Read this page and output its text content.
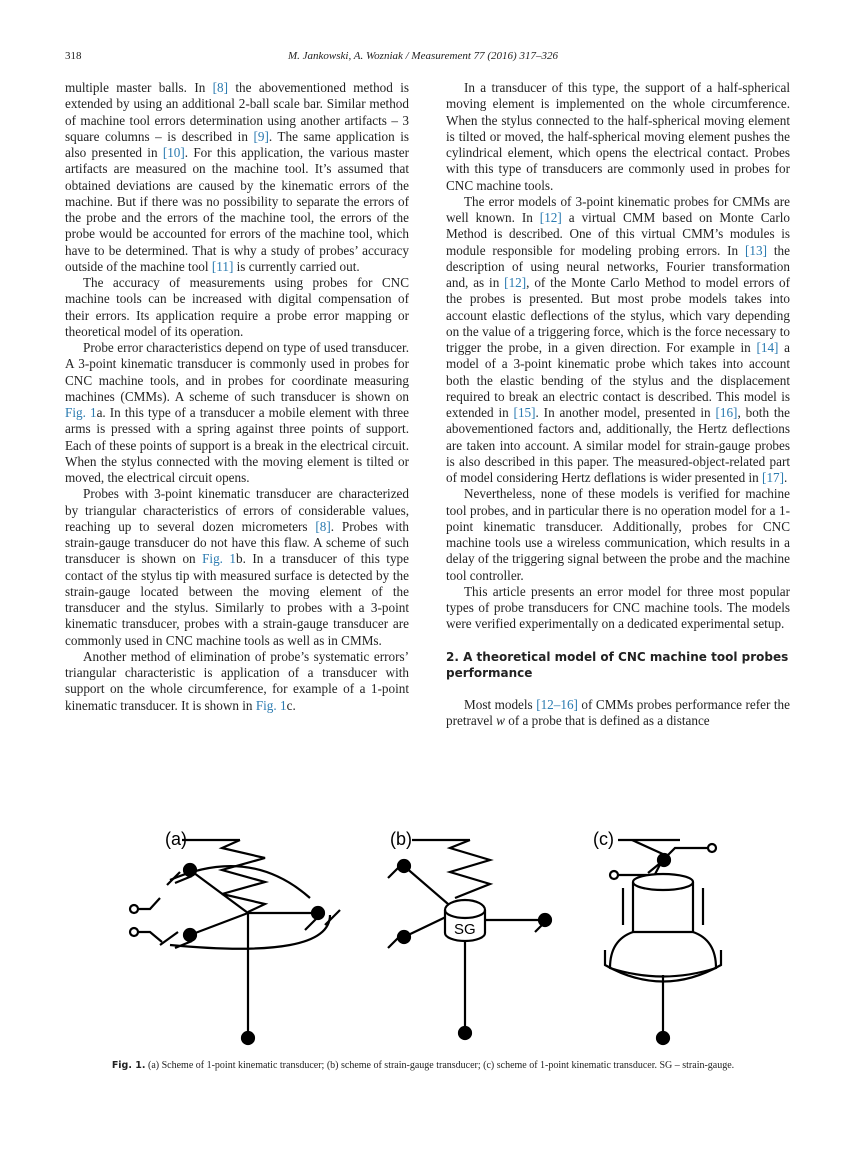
318	M. Jankowski, A. Wozniak / Measurement 77 (2016) 317–326

multiple master balls. In [8] the abovementioned method is extended by using an additional 2-ball scale bar. Similar method of machine tool errors determination using another artifacts – 3 square columns – is described in [9]. The same application is also presented in [10]. For this application, the various master artifacts are measured on the machine tool. It’s assumed that obtained deviations are caused by the kinematic errors of the machine. But if there was no possibility to separate the errors of the probe and the errors of the machine tool, the errors of the probe would be accounted for errors of the machine tool, which have to be determined. That is why a study of probes’ accuracy outside of the machine tool [11] is currently carried out.

The accuracy of measurements using probes for CNC machine tools can be increased with digital compensation of their errors. Its application require a probe error mapping or theoretical model of its operation.

Probe error characteristics depend on type of used transducer. A 3-point kinematic transducer is commonly used in probes for CNC machine tools, and in probes for coordinate measuring machines (CMMs). A scheme of such transducer is shown on Fig. 1a. In this type of a transducer a mobile element with three arms is pressed with a spring against three points of support. Each of these points of support is a break in the electrical circuit. When the stylus connected with the moving element is tilted or moved, the electrical circuit opens.

Probes with 3-point kinematic transducer are characterized by triangular characteristics of errors of considerable values, reaching up to several dozen micrometers [8]. Probes with strain-gauge transducer do not have this flaw. A scheme of such transducer is shown on Fig. 1b. In a transducer of this type contact of the stylus tip with measured surface is detected by the strain-gauge located between the moving element of the transducer and the stylus. Similarly to probes with a 3-point kinematic transducer, probes with a strain-gauge transducer are commonly used in CNC machine tools as well as in CMMs.

Another method of elimination of probe’s systematic errors’ triangular characteristic is application of a transducer with support on the whole circumference, for example of a 1-point kinematic transducer. It is shown in Fig. 1c.

In a transducer of this type, the support of a half-spherical moving element is implemented on the whole circumference. When the stylus connected to the half-spherical moving element is tilted or moved, the half-spherical moving element pushes the cylindrical element, which opens the electrical contact. Probes with this type of transducers are commonly used in probes for CNC machine tools.

The error models of 3-point kinematic probes for CMMs are well known. In [12] a virtual CMM based on Monte Carlo Method is described. One of this virtual CMM’s modules is module responsible for modeling probing errors. In [13] the description of using neural networks, Fourier transformation and, as in [12], of the Monte Carlo Method to model errors of the probes is presented. But most probe models takes into account elastic deflections of the stylus, which vary depending on the value of a triggering force, which is the force necessary to trigger the probe, in a given direction. For example in [14] a model of a 3-point kinematic probe which takes into account both the elastic bending of the stylus and the displacement required to break an electric contact is described. This model is extended in [15]. In another model, presented in [16], both the abovementioned factors and, additionally, the Hertz deflections are taken into account. A similar model for strain-gauge probes is also described in this paper. The measured-object-related part of model considering Hertz deflations is wider presented in [17].

Nevertheless, none of these models is verified for machine tool probes, and in particular there is no operation model for a 1-point kinematic transducer. Additionally, probes for CNC machine tools use a wireless communication, which results in a delay of the triggering signal between the probe and the machine tool controller.

This article presents an error model for three most popular types of probe transducers for CNC machine tools. The models were verified experimentally on a dedicated experimental setup.

2. A theoretical model of CNC machine tool probes performance

Most models [12–16] of CMMs probes performance refer the pretravel w of a probe that is defined as a distance

(a)	(b)	(c)
SG
Fig. 1. (a) Scheme of 1-point kinematic transducer; (b) scheme of strain-gauge transducer; (c) scheme of 1-point kinematic transducer. SG – strain-gauge.
